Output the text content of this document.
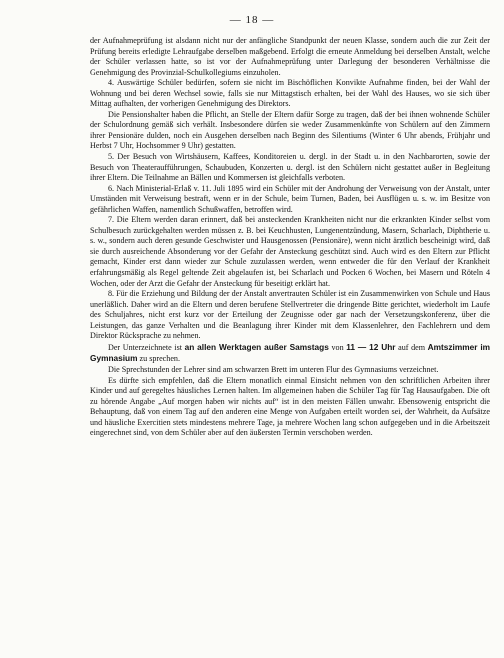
— 18 —

der Aufnahmeprüfung ist alsdann nicht nur der anfängliche Standpunkt der neuen Klasse, sondern auch die zur Zeit der Prüfung bereits erledigte Lehraufgabe derselben maßgebend. Erfolgt die erneute Anmeldung bei derselben Anstalt, welche der Schüler verlassen hatte, so ist vor der Aufnahmeprüfung unter Darlegung der besonderen Verhältnisse die Genehmigung des Provinzial-Schulkollegiums einzuholen.

4. Auswärtige Schüler bedürfen, sofern sie nicht im Bischöflichen Konvikte Aufnahme finden, bei der Wahl der Wohnung und bei deren Wechsel sowie, falls sie nur Mittagstisch erhalten, bei der Wahl des Hauses, wo sie sich über Mittag aufhalten, der vorherigen Genehmigung des Direktors.

Die Pensionshalter haben die Pflicht, an Stelle der Eltern dafür Sorge zu tragen, daß der bei ihnen wohnende Schüler der Schulordnung gemäß sich verhält. Insbesondere dürfen sie weder Zusammenkünfte von Schülern auf den Zimmern ihrer Pensionäre dulden, noch ein Ausgehen derselben nach Beginn des Silentiums (Winter 6 Uhr abends, Frühjahr und Herbst 7 Uhr, Hochsommer 9 Uhr) gestatten.

5. Der Besuch von Wirtshäusern, Kaffees, Konditoreien u. dergl. in der Stadt u. in den Nachbarorten, sowie der Besuch von Theateraufführungen, Schaubuden, Konzerten u. dergl. ist den Schülern nicht gestattet außer in Begleitung ihrer Eltern. Die Teilnahme an Bällen und Kommersen ist gleichfalls verboten.

6. Nach Ministerial-Erlaß v. 11. Juli 1895 wird ein Schüler mit der Androhung der Verweisung von der Anstalt, unter Umständen mit Verweisung bestraft, wenn er in der Schule, beim Turnen, Baden, bei Ausflügen u. s. w. im Besitze von gefährlichen Waffen, namentlich Schußwaffen, betroffen wird.

7. Die Eltern werden daran erinnert, daß bei ansteckenden Krankheiten nicht nur die erkrankten Kinder selbst vom Schulbesuch zurückgehalten werden müssen z. B. bei Keuchhusten, Lungenentzündung, Masern, Scharlach, Diphtherie u. s. w., sondern auch deren gesunde Geschwister und Hausgenossen (Pensionäre), wenn nicht ärztlich bescheinigt wird, daß sie durch ausreichende Absonderung vor der Gefahr der Ansteckung geschützt sind. Auch wird es den Eltern zur Pflicht gemacht, Kinder erst dann wieder zur Schule zuzulassen werden, wenn entweder die für den Verlauf der Krankheit erfahrungsmäßig als Regel geltende Zeit abgelaufen ist, bei Scharlach und Pocken 6 Wochen, bei Masern und Röteln 4 Wochen, oder der Arzt die Gefahr der Ansteckung für beseitigt erklärt hat.

8. Für die Erziehung und Bildung der der Anstalt anvertrauten Schüler ist ein Zusammenwirken von Schule und Haus unerläßlich. Daher wird an die Eltern und deren berufene Stellvertreter die dringende Bitte gerichtet, wiederholt im Laufe des Schuljahres, nicht erst kurz vor der Erteilung der Zeugnisse oder gar nach der Versetzungskonferenz, über die Leistungen, das ganze Verhalten und die Beanlagung ihrer Kinder mit dem Klassenlehrer, den Fachlehrern und dem Direktor Rücksprache zu nehmen.

Der Unterzeichnete ist an allen Werktagen außer Samstags von 11 — 12 Uhr auf dem Amtszimmer im Gymnasium zu sprechen.

Die Sprechstunden der Lehrer sind am schwarzen Brett im unteren Flur des Gymnasiums verzeichnet.

Es dürfte sich empfehlen, daß die Eltern monatlich einmal Einsicht nehmen von den schriftlichen Arbeiten ihrer Kinder und auf geregeltes häusliches Lernen halten. Im allgemeinen haben die Schüler Tag für Tag Hausaufgaben. Die oft zu hörende Angabe „Auf morgen haben wir nichts auf“ ist in den meisten Fällen unwahr. Ebensowenig entspricht die Behauptung, daß von einem Tag auf den anderen eine Menge von Aufgaben erteilt worden sei, der Wahrheit, da Aufsätze und häusliche Exercitien stets mindestens mehrere Tage, ja mehrere Wochen lang schon aufgegeben und in die Arbeitszeit eingerechnet sind, von dem Schüler aber auf den äußersten Termin verschoben werden.
